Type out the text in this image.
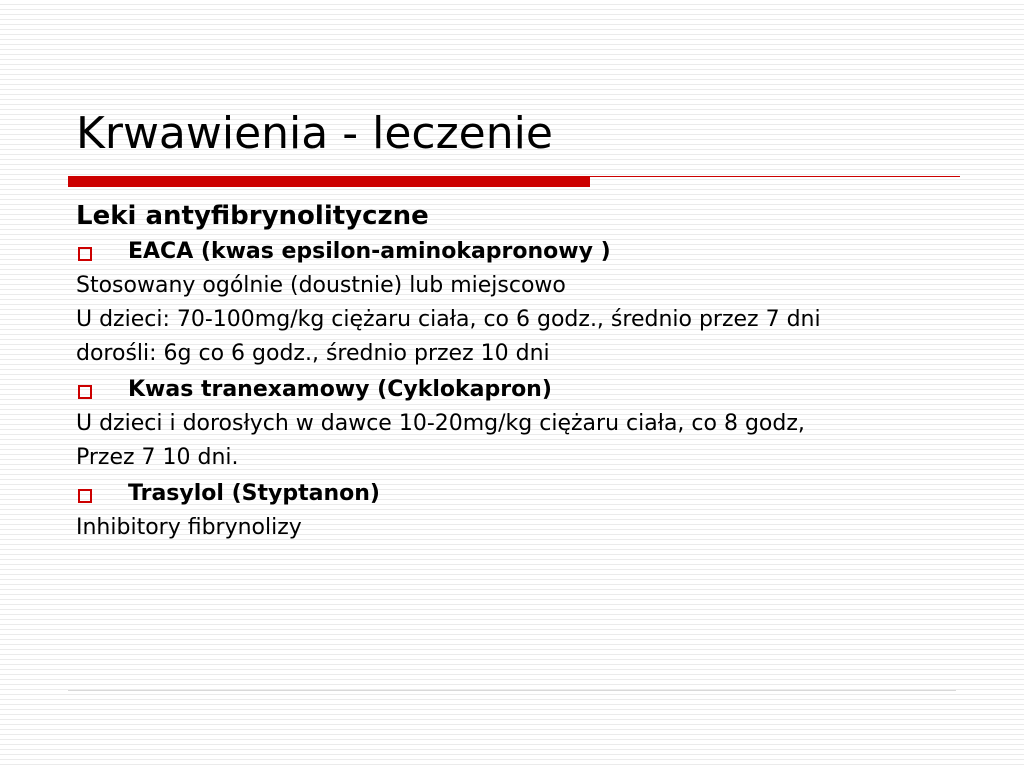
Krwawienia - leczenie
Leki antyfibrynolityczne
EACA (kwas epsilon-aminokapronowy )

Stosowany ogólnie (doustnie) lub miejscowo

U dzieci: 70-100mg/kg ciężaru ciała, co 6 godz., średnio przez 7 dni

dorośli: 6g co 6 godz., średnio przez 10 dni

Kwas tranexamowy (Cyklokapron)

U dzieci i dorosłych w dawce 10-20mg/kg ciężaru ciała, co 8 godz,

Przez 7 10 dni.

Trasylol (Styptanon)

Inhibitory fibrynolizy
